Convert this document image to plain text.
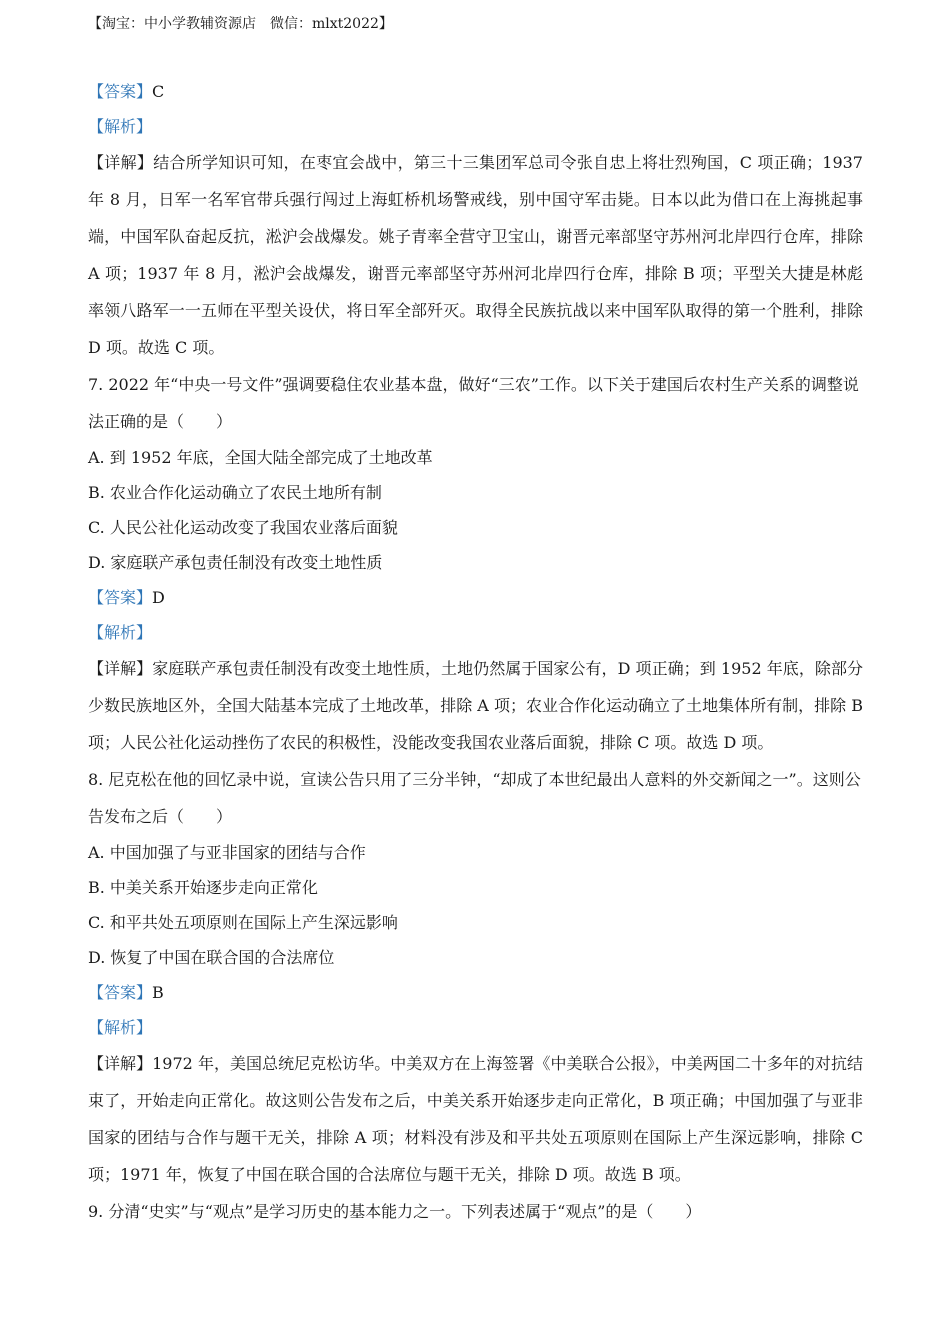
【淘宝：中小学教辅资源店 微信：mlxt2022】

【答案】C

【解析】

【详解】结合所学知识可知，在枣宜会战中，第三十三集团军总司令张自忠上将壮烈殉国，C 项正确；1937 年 8 月，日军一名军官带兵强行闯过上海虹桥机场警戒线，别中国守军击毙。日本以此为借口在上海挑起事端，中国军队奋起反抗，淞沪会战爆发。姚子青率全营守卫宝山，谢晋元率部坚守苏州河北岸四行仓库，排除 A 项；1937 年 8 月，淞沪会战爆发，谢晋元率部坚守苏州河北岸四行仓库，排除 B 项；平型关大捷是林彪率领八路军一一五师在平型关设伏，将日军全部歼灭。取得全民族抗战以来中国军队取得的第一个胜利，排除 D 项。故选 C 项。

7. 2022 年“中央一号文件”强调要稳住农业基本盘，做好“三农”工作。以下关于建国后农村生产关系的调整说法正确的是（　　）

A. 到 1952 年底，全国大陆全部完成了土地改革

B. 农业合作化运动确立了农民土地所有制

C. 人民公社化运动改变了我国农业落后面貌

D. 家庭联产承包责任制没有改变土地性质

【答案】D

【解析】

【详解】家庭联产承包责任制没有改变土地性质，土地仍然属于国家公有，D 项正确；到 1952 年底，除部分少数民族地区外，全国大陆基本完成了土地改革，排除 A 项；农业合作化运动确立了土地集体所有制，排除 B 项；人民公社化运动挫伤了农民的积极性，没能改变我国农业落后面貌，排除 C 项。故选 D 项。

8. 尼克松在他的回忆录中说，宣读公告只用了三分半钟，“却成了本世纪最出人意料的外交新闻之一”。这则公告发布之后（　　）

A. 中国加强了与亚非国家的团结与合作

B. 中美关系开始逐步走向正常化

C. 和平共处五项原则在国际上产生深远影响

D. 恢复了中国在联合国的合法席位

【答案】B

【解析】

【详解】1972 年，美国总统尼克松访华。中美双方在上海签署《中美联合公报》，中美两国二十多年的对抗结束了，开始走向正常化。故这则公告发布之后，中美关系开始逐步走向正常化，B 项正确；中国加强了与亚非国家的团结与合作与题干无关，排除 A 项；材料没有涉及和平共处五项原则在国际上产生深远影响，排除 C 项；1971 年，恢复了中国在联合国的合法席位与题干无关，排除 D 项。故选 B 项。

9. 分清“史实”与“观点”是学习历史的基本能力之一。下列表述属于“观点”的是（　　）
